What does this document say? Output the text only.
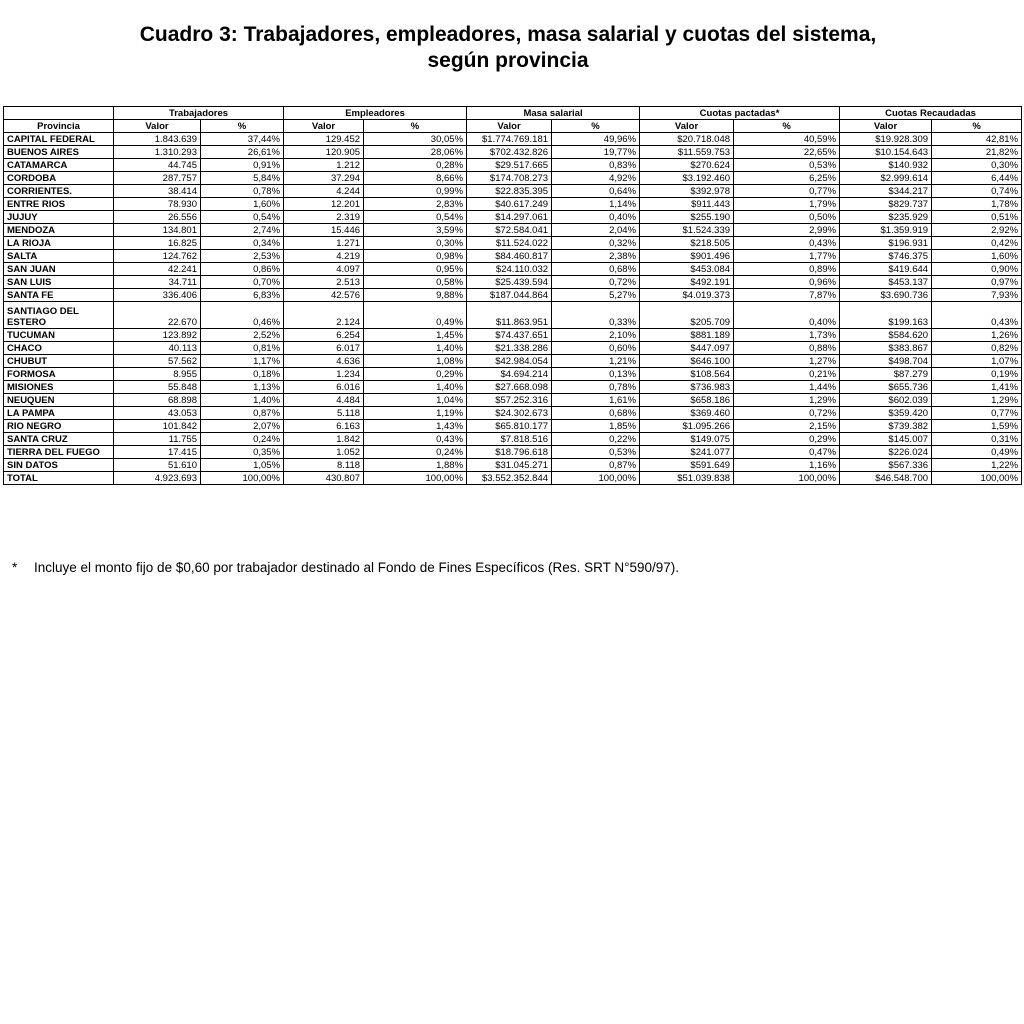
Cuadro 3: Trabajadores, empleadores, masa salarial y cuotas del sistema,
según provincia
	Trabajadores		Empleadores		Masa salarial		Cuotas pactadas*		Cuotas Recaudadas	
Provincia	Valor	%	Valor	%	Valor	%	Valor	%	Valor	%
CAPITAL FEDERAL	1.843.639	37,44%	129.452	30,05%	$1.774.769.181	49,96%	$20.718.048	40,59%	$19.928.309	42,81%
BUENOS AIRES	1.310.293	26,61%	120.905	28,06%	$702.432.826	19,77%	$11.559.753	22,65%	$10.154.643	21,82%
CATAMARCA	44.745	0,91%	1.212	0,28%	$29.517.665	0,83%	$270.624	0,53%	$140.932	0,30%
CORDOBA	287.757	5,84%	37.294	8,66%	$174.708.273	4,92%	$3.192.460	6,25%	$2.999.614	6,44%
CORRIENTES.	38.414	0,78%	4.244	0,99%	$22.835.395	0,64%	$392.978	0,77%	$344.217	0,74%
ENTRE RIOS	78.930	1,60%	12.201	2,83%	$40.617.249	1,14%	$911.443	1,79%	$829.737	1,78%
JUJUY	26.556	0,54%	2.319	0,54%	$14.297.061	0,40%	$255.190	0,50%	$235.929	0,51%
MENDOZA	134.801	2,74%	15.446	3,59%	$72.584.041	2,04%	$1.524.339	2,99%	$1.359.919	2,92%
LA RIOJA	16.825	0,34%	1.271	0,30%	$11.524.022	0,32%	$218.505	0,43%	$196.931	0,42%
SALTA	124.762	2,53%	4.219	0,98%	$84.460.817	2,38%	$901.496	1,77%	$746.375	1,60%
SAN JUAN	42.241	0,86%	4.097	0,95%	$24.110.032	0,68%	$453.084	0,89%	$419.644	0,90%
SAN LUIS	34.711	0,70%	2.513	0,58%	$25.439.594	0,72%	$492.191	0,96%	$453.137	0,97%
SANTA FE	336.406	6,83%	42.576	9,88%	$187.044.864	5,27%	$4.019.373	7,87%	$3.690.736	7,93%
SANTIAGO DEL ESTERO	22.670	0,46%	2.124	0,49%	$11.863.951	0,33%	$205.709	0,40%	$199.163	0,43%
TUCUMAN	123.892	2,52%	6.254	1,45%	$74.437.651	2,10%	$881.189	1,73%	$584.620	1,26%
CHACO	40.113	0,81%	6.017	1,40%	$21.338.286	0,60%	$447.097	0,88%	$383.867	0,82%
CHUBUT	57.562	1,17%	4.636	1,08%	$42.984.054	1,21%	$646.100	1,27%	$498.704	1,07%
FORMOSA	8.955	0,18%	1.234	0,29%	$4.694.214	0,13%	$108.564	0,21%	$87.279	0,19%
MISIONES	55.848	1,13%	6.016	1,40%	$27.668.098	0,78%	$736.983	1,44%	$655.736	1,41%
NEUQUEN	68.898	1,40%	4.484	1,04%	$57.252.316	1,61%	$658.186	1,29%	$602.039	1,29%
LA PAMPA	43.053	0,87%	5.118	1,19%	$24.302.673	0,68%	$369.460	0,72%	$359.420	0,77%
RIO NEGRO	101.842	2,07%	6.163	1,43%	$65.810.177	1,85%	$1.095.266	2,15%	$739.382	1,59%
SANTA CRUZ	11.755	0,24%	1.842	0,43%	$7.818.516	0,22%	$149.075	0,29%	$145.007	0,31%
TIERRA DEL FUEGO	17.415	0,35%	1.052	0,24%	$18.796.618	0,53%	$241.077	0,47%	$226.024	0,49%
SIN DATOS	51.610	1,05%	8.118	1,88%	$31.045.271	0,87%	$591.649	1,16%	$567.336	1,22%
TOTAL	4.923.693	100,00%	430.807	100,00%	$3.552.352.844	100,00%	$51.039.838	100,00%	$46.548.700	100,00%
* Incluye el monto fijo de $0,60 por trabajador destinado al Fondo de Fines Específicos (Res. SRT N°590/97).
